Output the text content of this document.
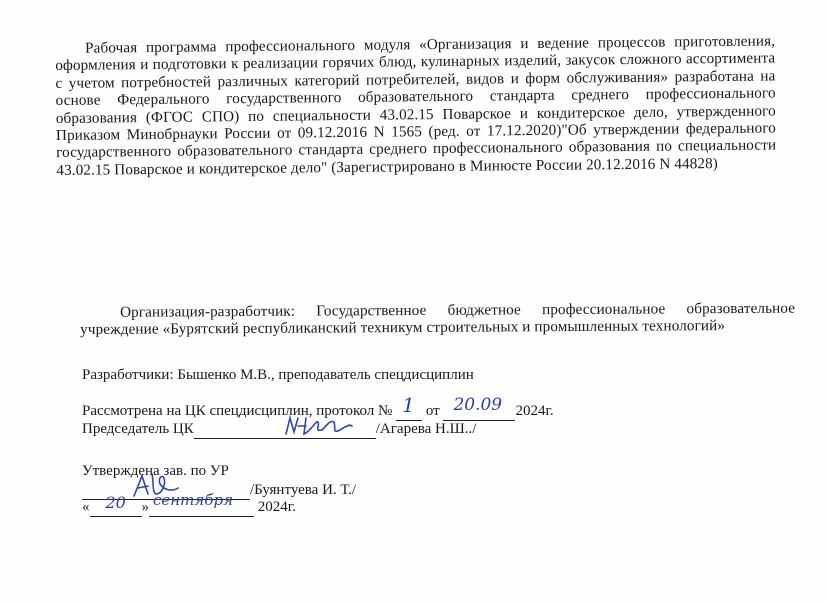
Рабочая программа профессионального модуля «Организация и ведение процессов приготовления, оформления и подготовки к реализации горячих блюд, кулинарных изделий, закусок сложного ассортимента с учетом потребностей различных категорий потребителей, видов и форм обслуживания» разработана на основе Федерального государственного образовательного стандарта среднего профессионального образования (ФГОС СПО) по специальности 43.02.15 Поварское и кондитерское дело, утвержденного Приказом Минобрнауки России от 09.12.2016 N 1565 (ред. от 17.12.2020)"Об утверждении федерального государственного образовательного стандарта среднего профессионального образования по специальности 43.02.15 Поварское и кондитерское дело" (Зарегистрировано в Минюсте России 20.12.2016 N 44828)
Организация-разработчик: Государственное бюджетное профессиональное образовательное учреждение «Бурятский республиканский техникум строительных и промышленных технологий»
Разработчики: Бышенко М.В., преподаватель спецдисциплин
Рассмотрена на ЦК спецдисциплин, протокол № 1 от 20.09 2024г.
Председатель ЦК	/Агарева Н.Ш../
Утверждена зав. по УР
/Буянтуева И. Т./
« 20 » сентября 2024г.
